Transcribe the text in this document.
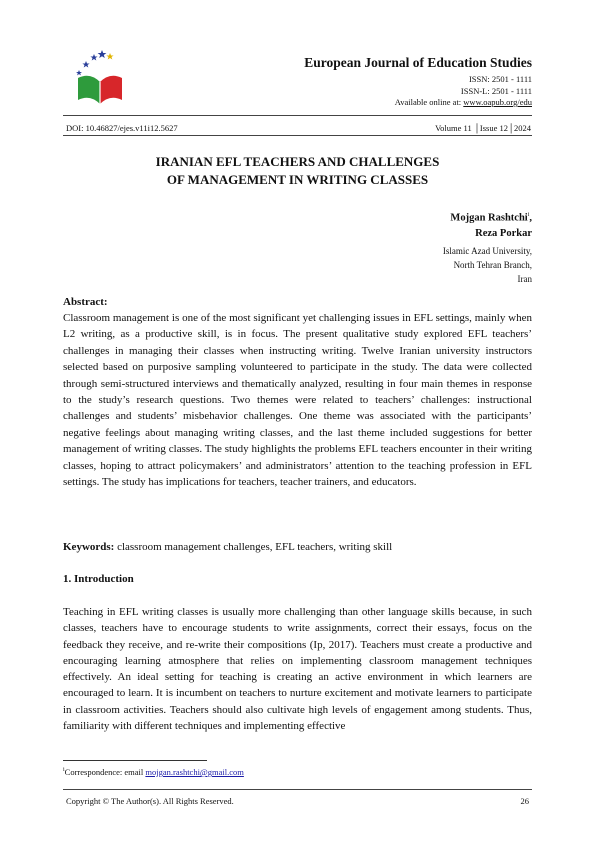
European Journal of Education Studies
ISSN: 2501 - 1111
ISSN-L: 2501 - 1111
Available online at: www.oapub.org/edu
DOI: 10.46827/ejes.v11i12.5627	Volume 11 │Issue 12│2024
IRANIAN EFL TEACHERS AND CHALLENGES
OF MANAGEMENT IN WRITING CLASSES
Mojgan Rashtchi$^i$,
Reza Porkar
Islamic Azad University,
North Tehran Branch,
Iran
Abstract:
Classroom management is one of the most significant yet challenging issues in EFL settings, mainly when L2 writing, as a productive skill, is in focus. The present qualitative study explored EFL teachers’ challenges in managing their classes when instructing writing. Twelve Iranian university instructors selected based on purposive sampling volunteered to participate in the study. The data were collected through semi-structured interviews and thematically analyzed, resulting in four main themes in response to the study’s research questions. Two themes were related to teachers’ challenges: instructional challenges and students’ misbehavior challenges. One theme was associated with the participants’ negative feelings about managing writing classes, and the last theme included suggestions for better management of writing classes. The study highlights the problems EFL teachers encounter in their writing classes, hoping to attract policymakers’ and administrators’ attention to the teaching profession in EFL settings. The study has implications for teachers, teacher trainers, and educators.
Keywords: classroom management challenges, EFL teachers, writing skill
1. Introduction
Teaching in EFL writing classes is usually more challenging than other language skills because, in such classes, teachers have to encourage students to write assignments, correct their essays, focus on the feedback they receive, and re-write their compositions (Ip, 2017). Teachers must create a productive and encouraging learning atmosphere that relies on implementing classroom management techniques effectively. An ideal setting for teaching is creating an active environment in which learners are encouraged to learn. It is incumbent on teachers to nurture excitement and motivate learners to participate in classroom activities. Teachers should also cultivate high levels of engagement among students. Thus, familiarity with different techniques and implementing effective
$^i$Correspondence: email mojgan.rashtchi@gmail.com
Copyright © The Author(s). All Rights Reserved.	26
